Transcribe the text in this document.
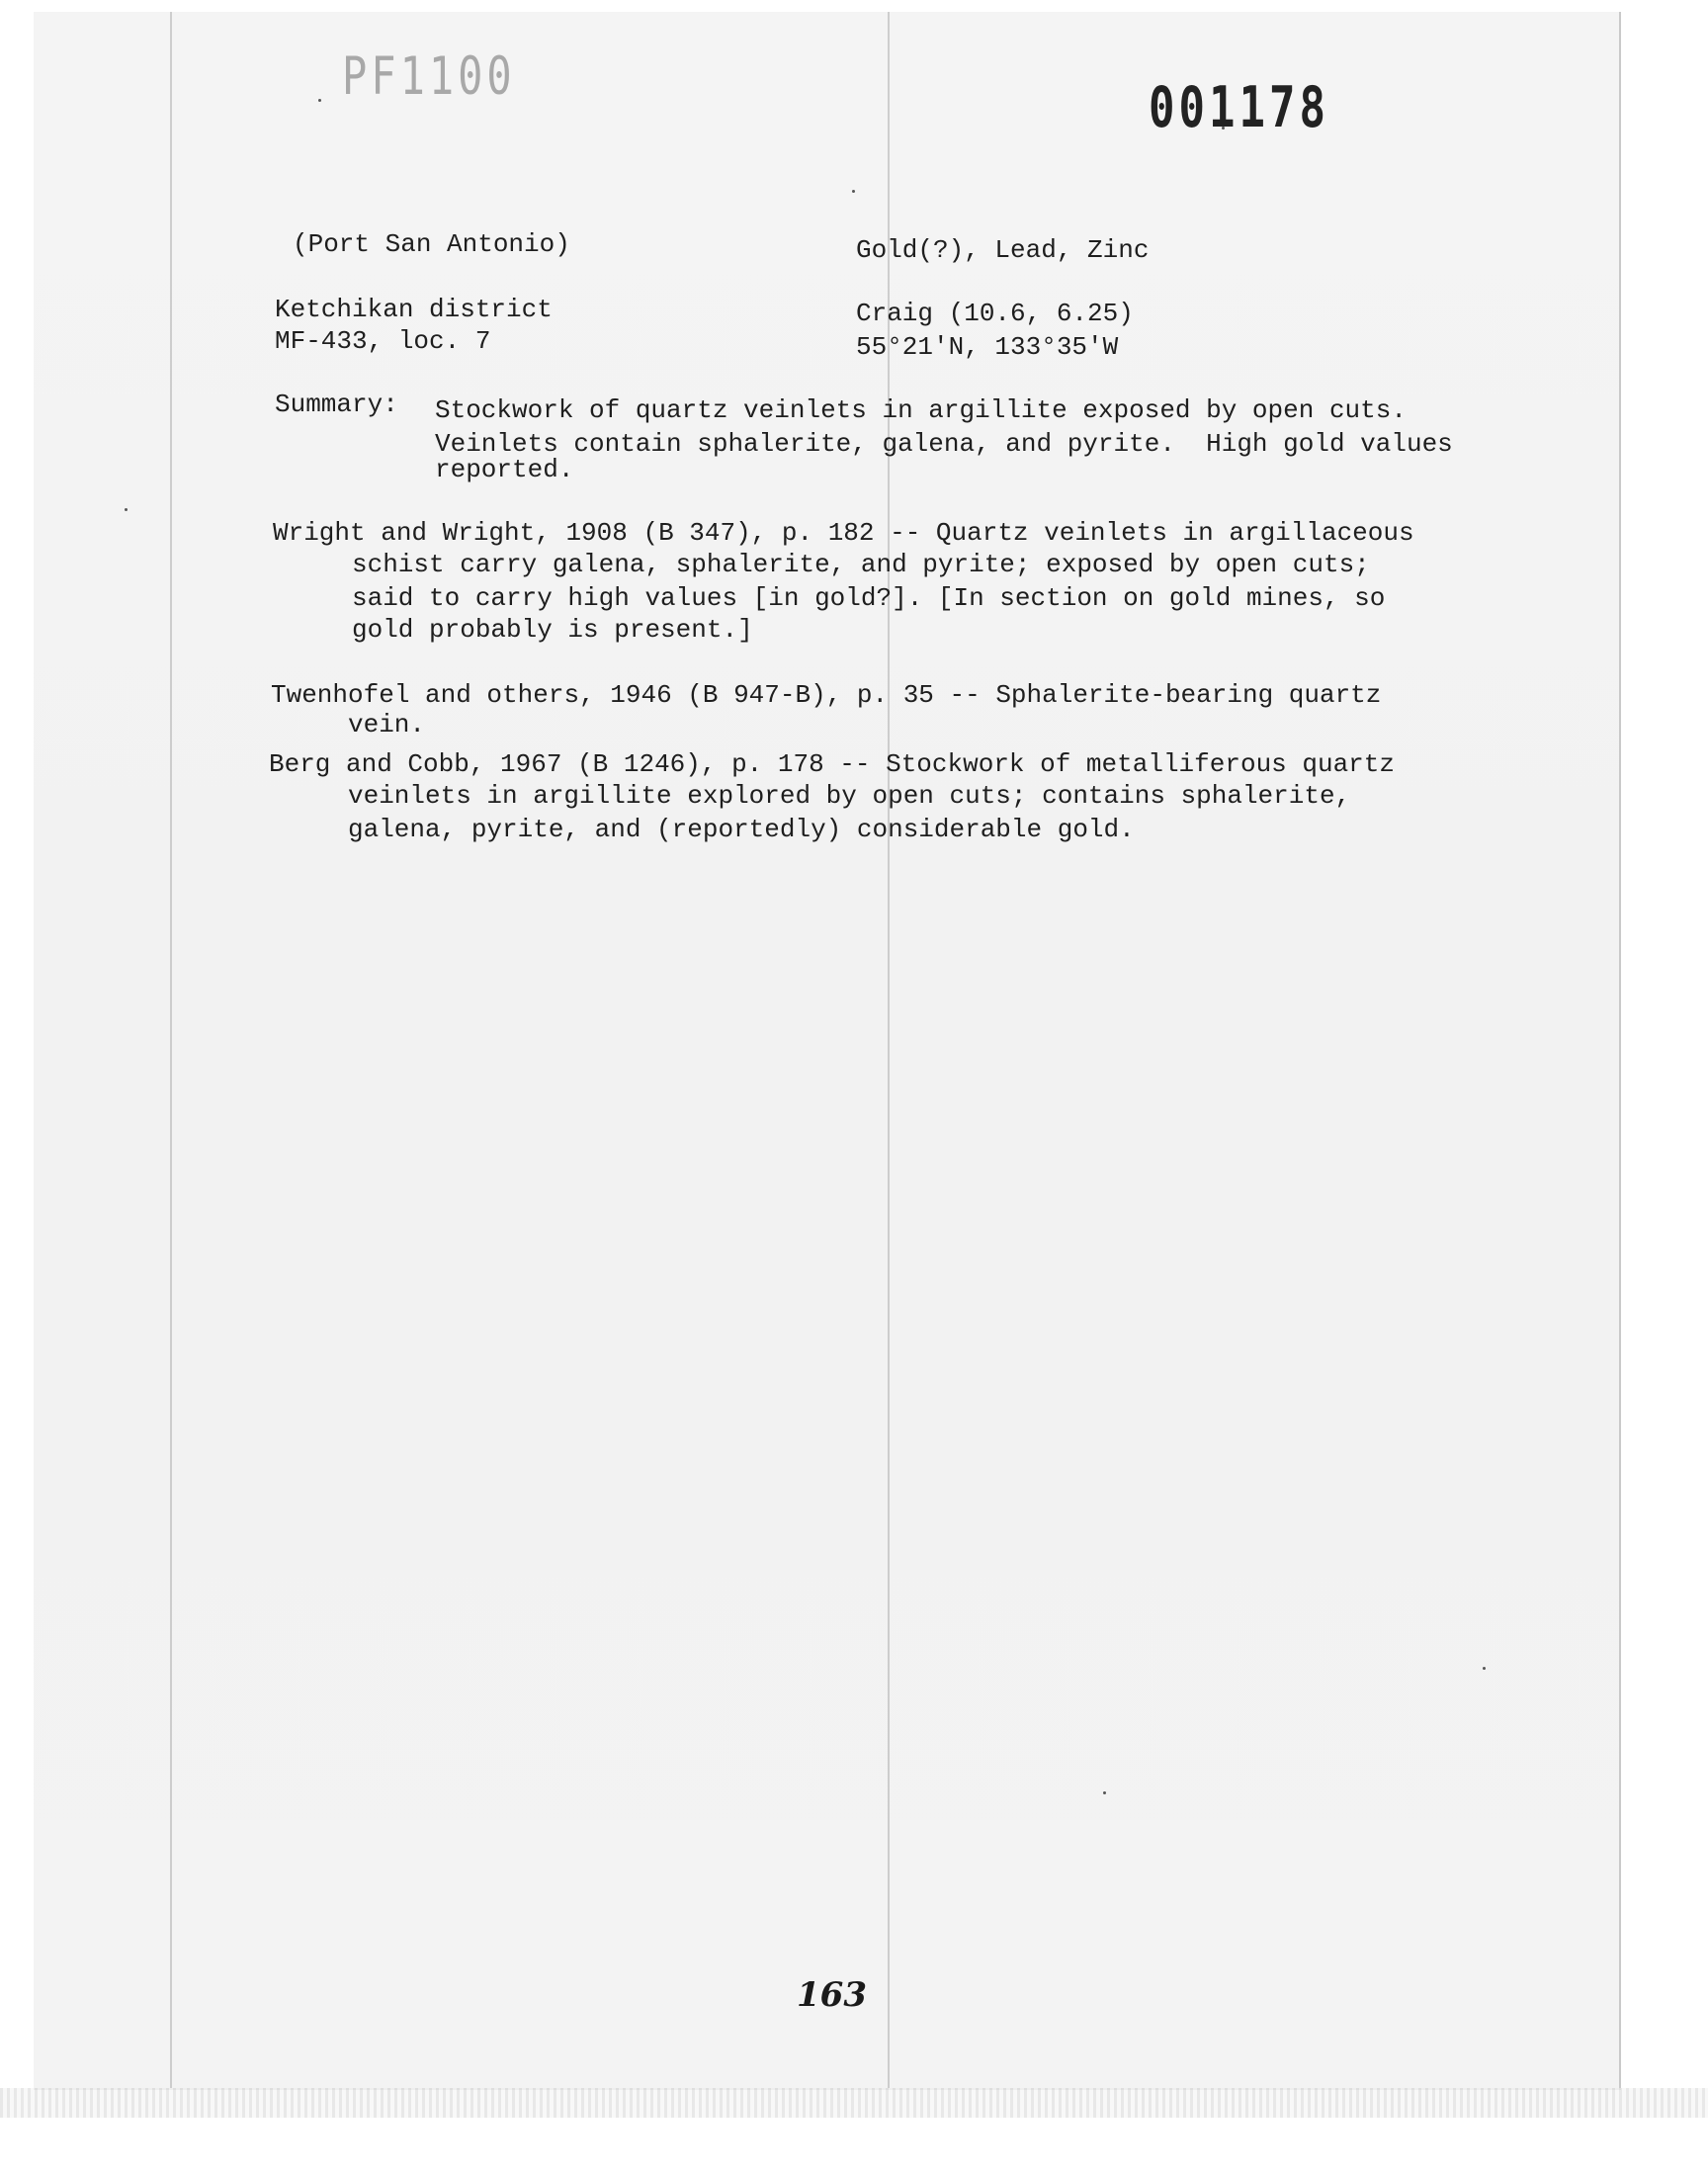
PF1100	001178
(Port San Antonio)	Gold(?), Lead, Zinc
Ketchikan district	Craig (10.6, 6.25)
MF-433, loc. 7	55°21'N, 133°35'W
Summary: Stockwork of quartz veinlets in argillite exposed by open cuts.
Veinlets contain sphalerite, galena, and pyrite.  High gold values
reported.
Wright and Wright, 1908 (B 347), p. 182 -- Quartz veinlets in argillaceous
schist carry galena, sphalerite, and pyrite; exposed by open cuts;
said to carry high values [in gold?]. [In section on gold mines, so
gold probably is present.]
Twenhofel and others, 1946 (B 947-B), p. 35 -- Sphalerite-bearing quartz
vein.
Berg and Cobb, 1967 (B 1246), p. 178 -- Stockwork of metalliferous quartz
veinlets in argillite explored by open cuts; contains sphalerite,
galena, pyrite, and (reportedly) considerable gold.
163
